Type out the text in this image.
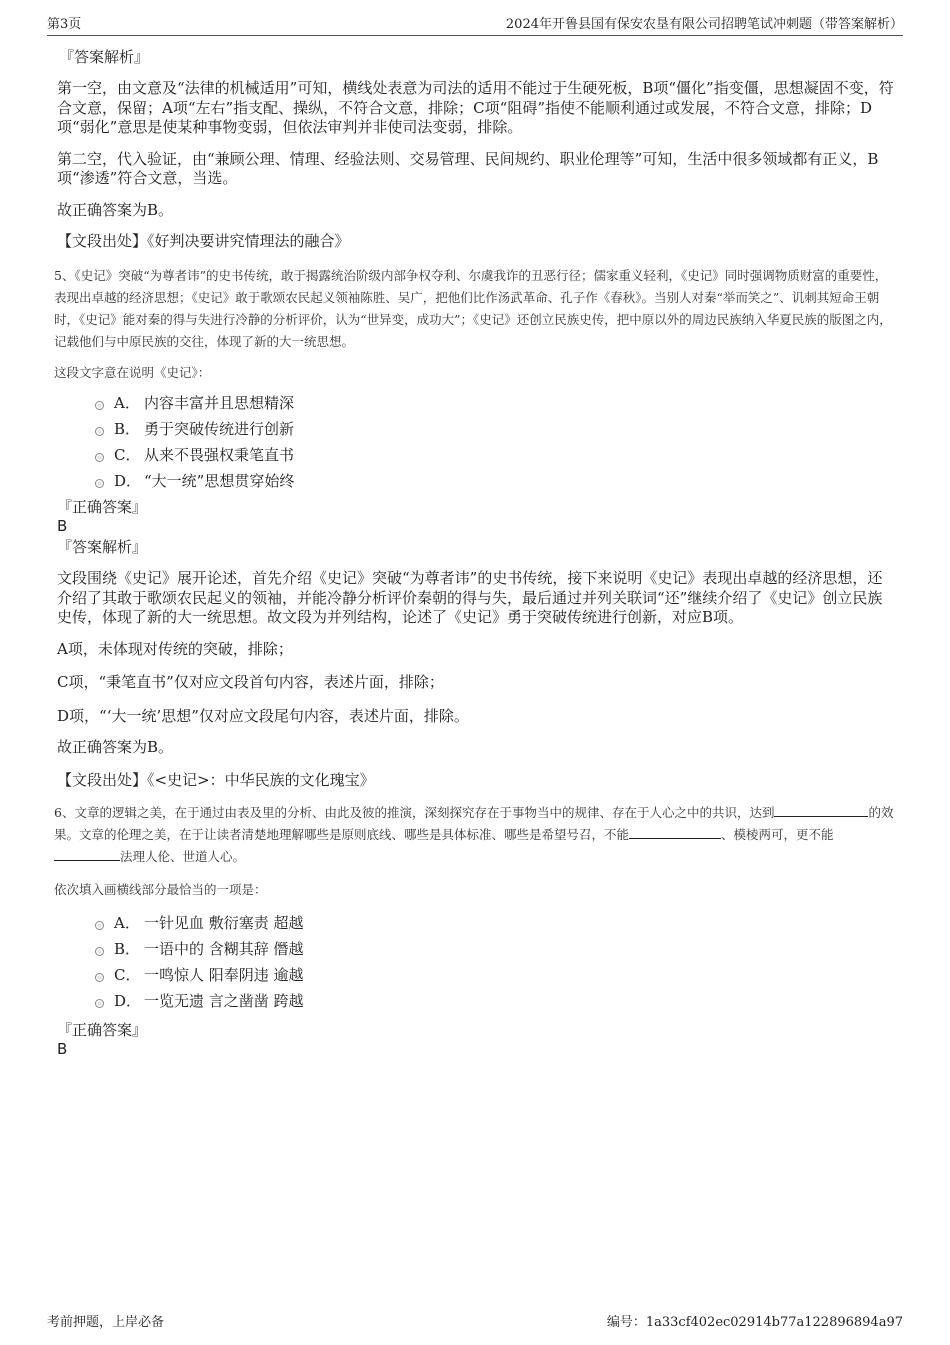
第3页	2024年开鲁县国有保安农垦有限公司招聘笔试冲刺题（带答案解析）
『答案解析』

第一空，由文意及“法律的机械适用”可知，横线处表意为司法的适用不能过于生硬死板，B项“僵化”指变僵，思想凝固不变，符合文意，保留；A项“左右”指支配、操纵，不符合文意，排除；C项“阻碍”指使不能顺利通过或发展，不符合文意，排除；D项“弱化”意思是使某种事物变弱，但依法审判并非使司法变弱，排除。

第二空，代入验证，由“兼顾公理、情理、经验法则、交易管理、民间规约、职业伦理等”可知，生活中很多领域都有正义，B项“渗透”符合文意，当选。

故正确答案为B。

【文段出处】《好判决要讲究情理法的融合》
5、《史记》突破“为尊者讳”的史书传统，敢于揭露统治阶级内部争权夺利、尔虞我诈的丑恶行径；儒家重义轻利，《史记》同时强调物质财富的重要性，表现出卓越的经济思想；《史记》敢于歌颂农民起义领袖陈胜、吴广，把他们比作汤武革命、孔子作《春秋》。当别人对秦“举而笑之”、讥刺其短命王朝时，《史记》能对秦的得与失进行冷静的分析评价，认为“世异变，成功大”；《史记》还创立民族史传，把中原以外的周边民族纳入华夏民族的版图之内，记载他们与中原民族的交往，体现了新的大一统思想。
这段文字意在说明《史记》：
A． 内容丰富并且思想精深
B． 勇于突破传统进行创新
C． 从来不畏强权秉笔直书
D． “大一统”思想贯穿始终
『正确答案』
B
『答案解析』

文段围绕《史记》展开论述，首先介绍《史记》突破“为尊者讳”的史书传统，接下来说明《史记》表现出卓越的经济思想，还介绍了其敢于歌颂农民起义的领袖，并能冷静分析评价秦朝的得与失，最后通过并列关联词“还”继续介绍了《史记》创立民族史传，体现了新的大一统思想。故文段为并列结构，论述了《史记》勇于突破传统进行创新，对应B项。

A项，未体现对传统的突破，排除；

C项，“秉笔直书”仅对应文段首句内容，表述片面，排除；

D项，“‘大一统’思想”仅对应文段尾句内容，表述片面，排除。

故正确答案为B。

【文段出处】《<史记>：中华民族的文化瑰宝》
6、文章的逻辑之美，在于通过由表及里的分析、由此及彼的推演，深刻探究存在于事物当中的规律、存在于人心之中的共识，达到	的效果。文章的伦理之美，在于让读者清楚地理解哪些是原则底线、哪些是具体标准、哪些是希望号召，不能	、模棱两可，更不能法理人伦、世道人心。
依次填入画横线部分最恰当的一项是：
A． 一针见血 敷衍塞责 超越
B． 一语中的 含糊其辞 僭越
C． 一鸣惊人 阳奉阴违 逾越
D． 一览无遗 言之凿凿 跨越
『正确答案』
B
考前押题，上岸必备	编号：1a33cf402ec02914b77a122896894a97
